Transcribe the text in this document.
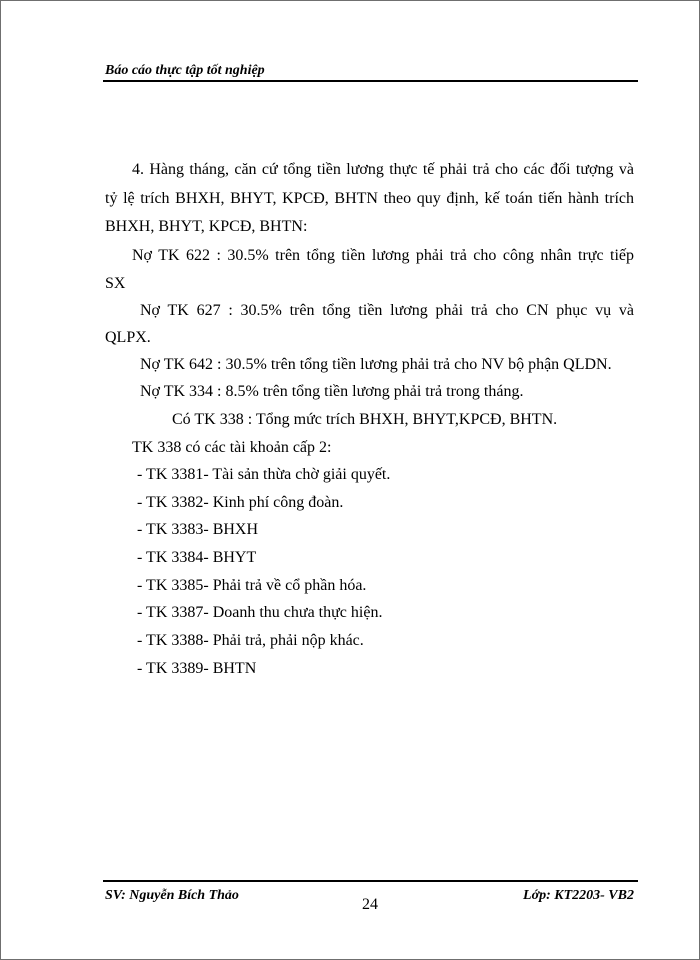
Báo cáo thực tập tốt nghiệp
4. Hàng tháng, căn cứ tổng tiền lương thực tế phải trả cho các đối tượng và
tỷ lệ trích BHXH, BHYT, KPCĐ, BHTN theo quy định, kế toán tiến hành trích
BHXH, BHYT, KPCĐ, BHTN:
Nợ TK 622 : 30.5% trên tổng tiền lương phải trả cho công nhân trực tiếp
SX
Nợ TK 627 : 30.5% trên tổng tiền lương phải trả cho CN phục vụ và
QLPX.
Nợ TK 642 : 30.5% trên tổng tiền lương phải trả cho NV bộ phận QLDN.
Nợ TK 334 : 8.5% trên tổng tiền lương phải trả trong tháng.
Có TK 338 : Tổng mức trích BHXH, BHYT,KPCĐ, BHTN.
TK 338 có các tài khoản cấp 2:
- TK 3381- Tài sản thừa chờ giải quyết.
- TK 3382- Kinh phí công đoàn.
- TK 3383- BHXH
- TK 3384- BHYT
- TK 3385- Phải trả về cổ phần hóa.
- TK 3387- Doanh thu chưa thực hiện.
- TK 3388- Phải trả, phải nộp khác.
- TK 3389- BHTN
SV: Nguyễn Bích Thảo
24
Lớp: KT2203- VB2
